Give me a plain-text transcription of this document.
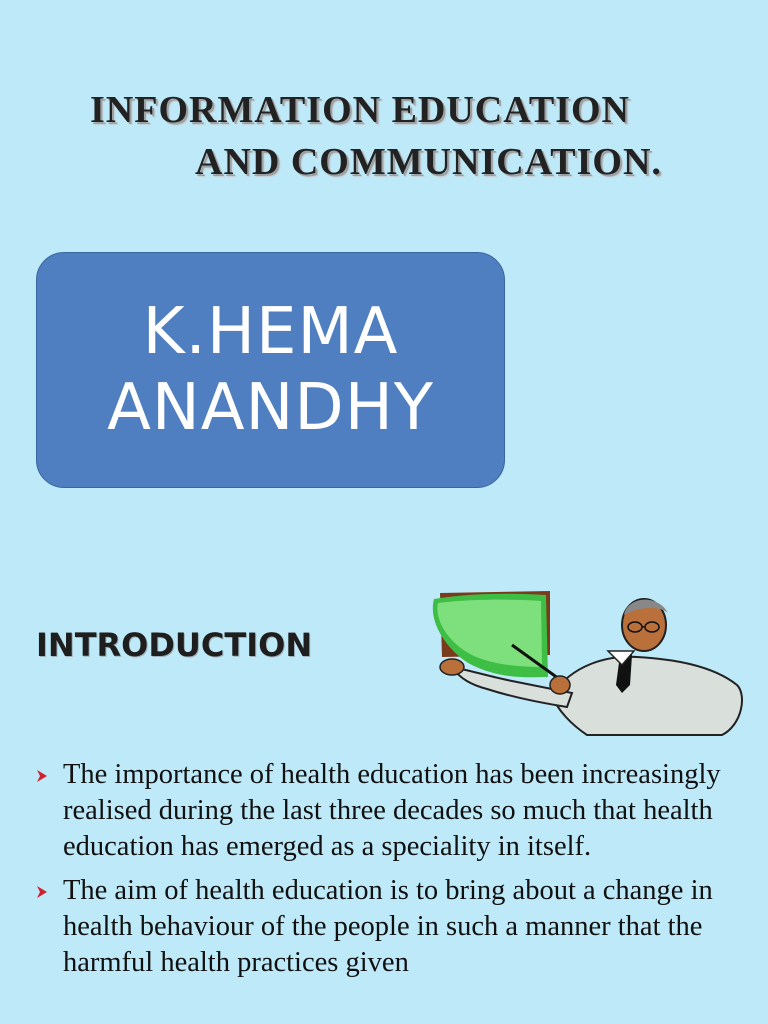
INFORMATION EDUCATION
AND COMMUNICATION.
K.HEMA
ANANDHY
INTRODUCTION
The importance of health education has been increasingly realised during the last three decades so much that health education has emerged as a speciality in itself.
The aim of health education is to bring about a change in health behaviour of the people in such a manner that the harmful health practices given
